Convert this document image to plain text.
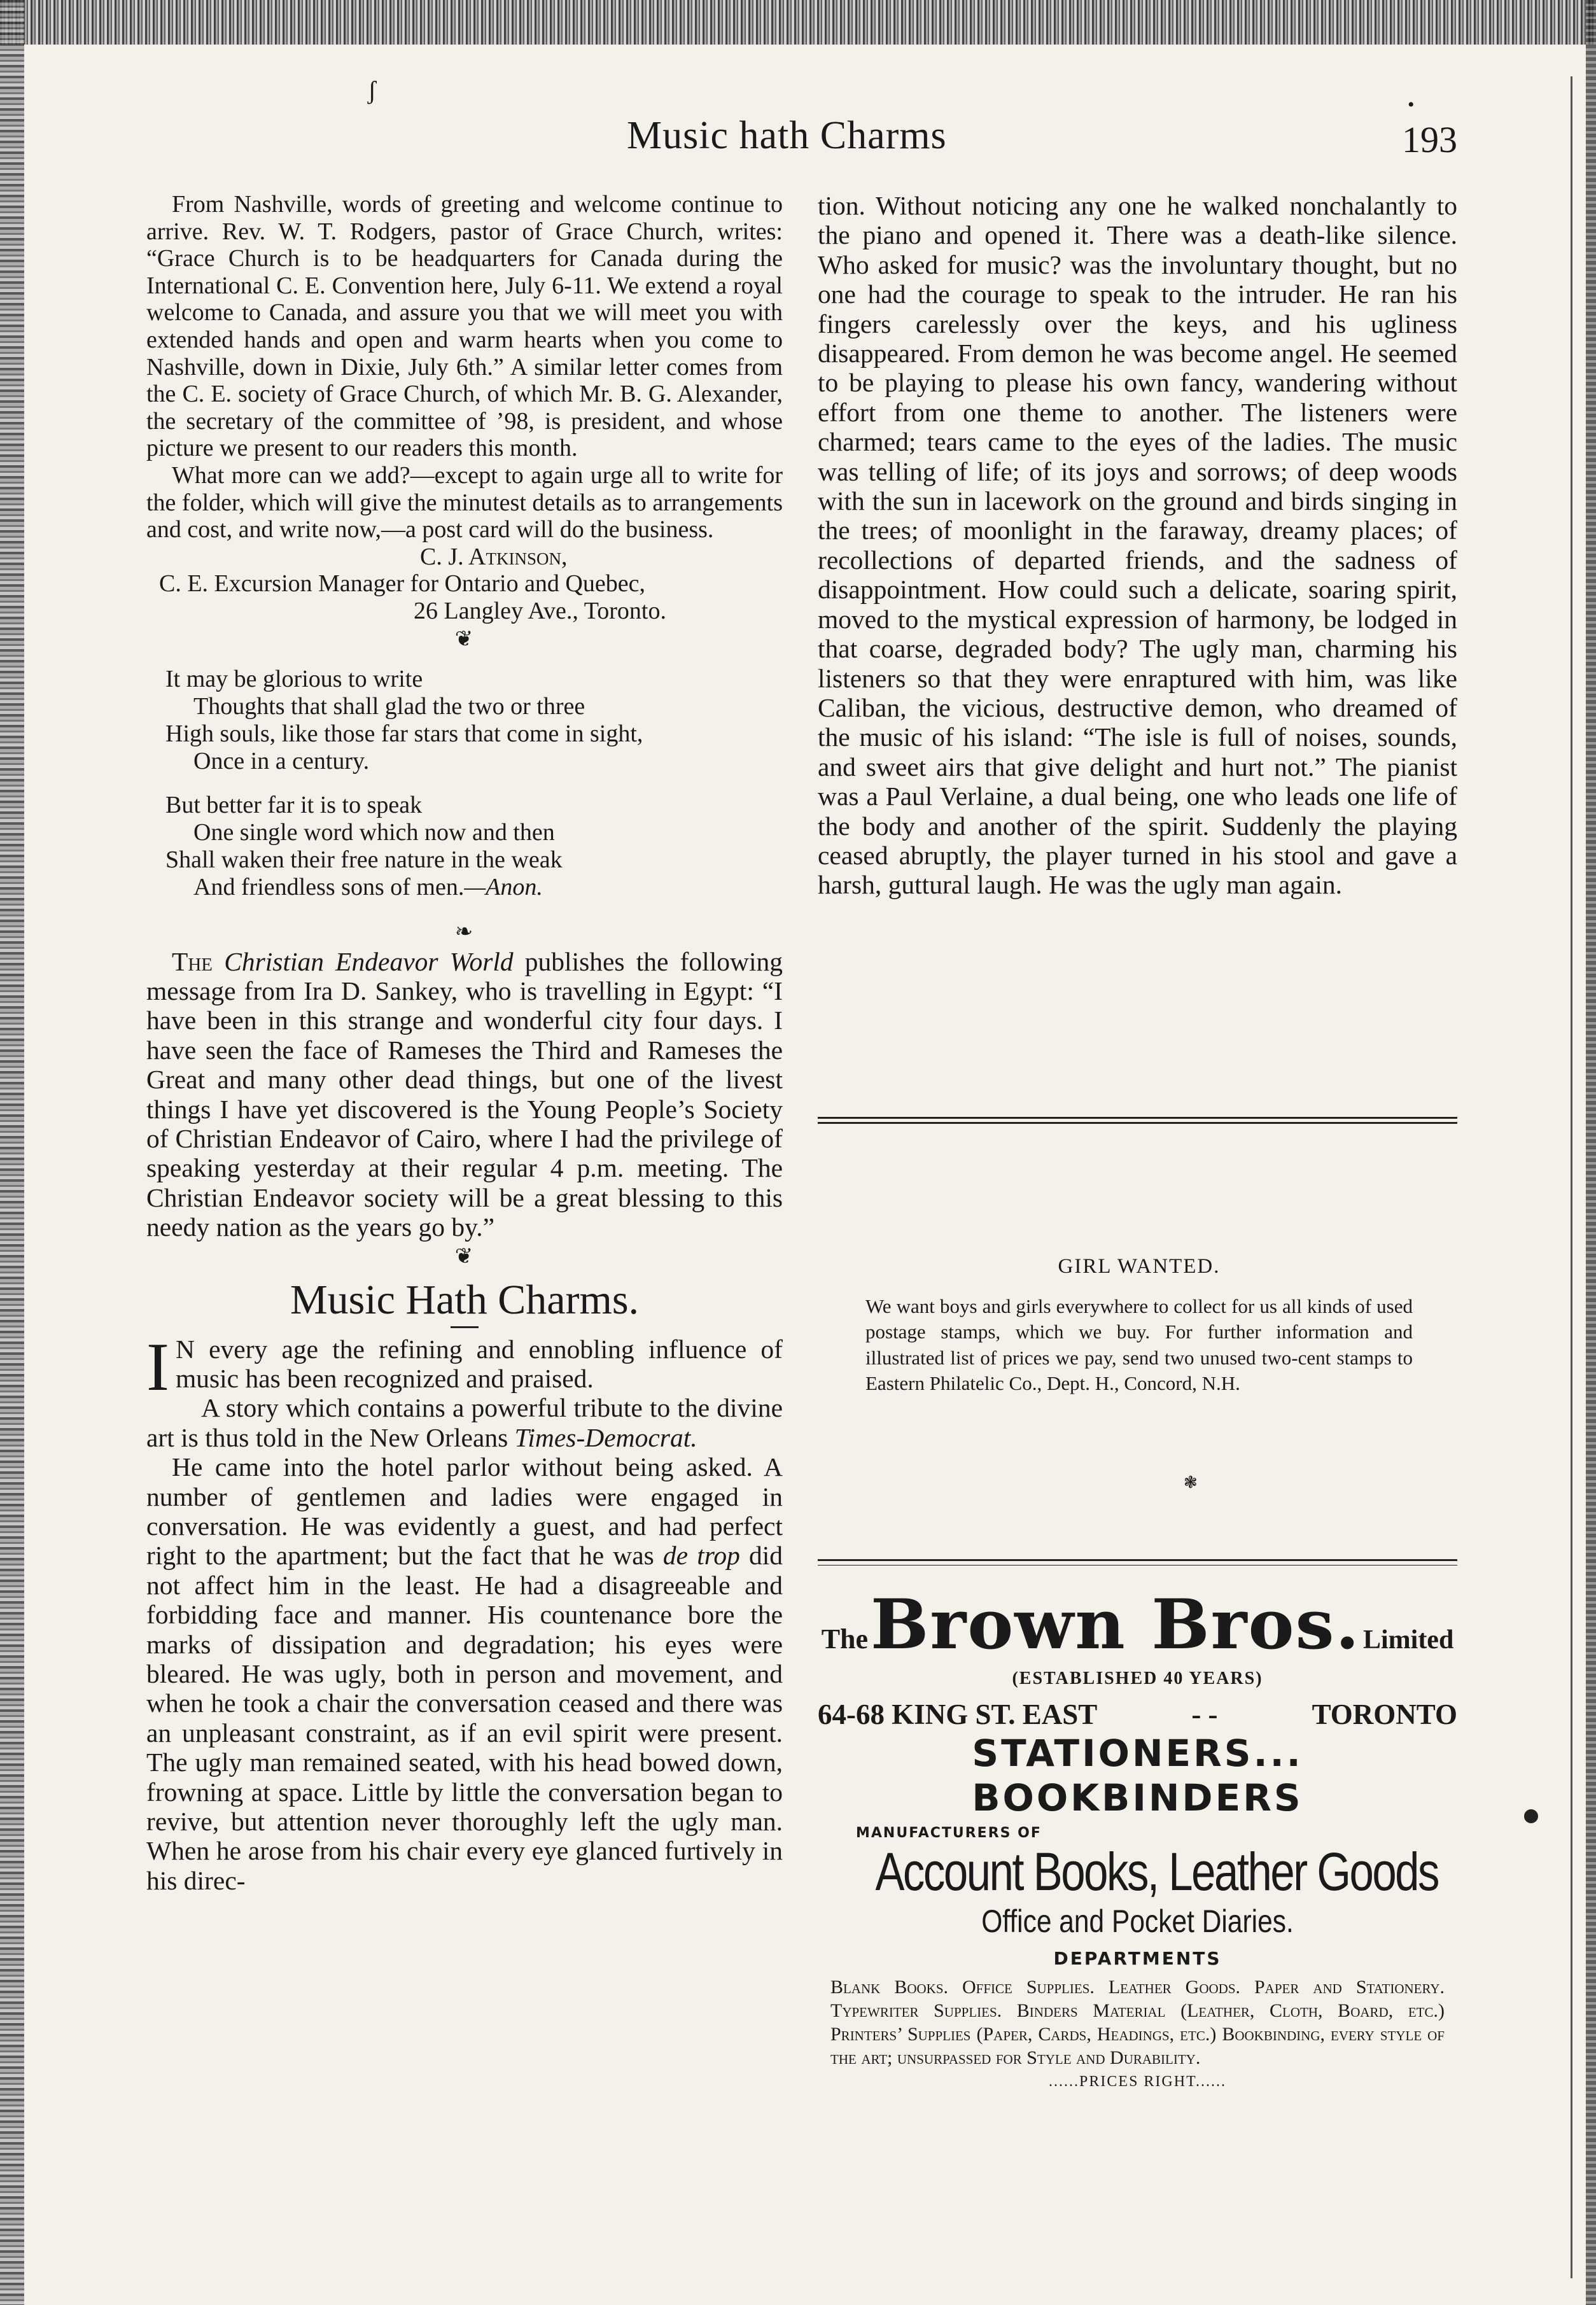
ʃ
•
Music hath Charms	193

From Nashville, words of greeting and welcome continue to arrive. Rev. W. T. Rodgers, pastor of Grace Church, writes: “Grace Church is to be headquarters for Canada during the International C. E. Convention here, July 6-11. We extend a royal welcome to Canada, and assure you that we will meet you with extended hands and open and warm hearts when you come to Nashville, down in Dixie, July 6th.” A similar letter comes from the C. E. society of Grace Church, of which Mr. B. G. Alexander, the secretary of the committee of ’98, is president, and whose picture we present to our readers this month.

What more can we add?—except to again urge all to write for the folder, which will give the minutest details as to arrangements and cost, and write now,—a post card will do the business.

C. J. Atkinson,
C. E. Excursion Manager for Ontario and Quebec,
26 Langley Ave., Toronto.
❦
It may be glorious to write
Thoughts that shall glad the two or three
High souls, like those far stars that come in sight,
Once in a century.
But better far it is to speak
One single word which now and then
Shall waken their free nature in the weak
And friendless sons of men.—Anon.
❧

The Christian Endeavor World publishes the following message from Ira D. Sankey, who is travelling in Egypt: “I have been in this strange and wonderful city four days. I have seen the face of Rameses the Third and Rameses the Great and many other dead things, but one of the livest things I have yet discovered is the Young People’s Society of Christian Endeavor of Cairo, where I had the privilege of speaking yesterday at their regular 4 p.m. meeting. The Christian Endeavor society will be a great blessing to this needy nation as the years go by.”

❦
Music Hath Charms.

I N every age the refining and ennobling influence of music has been recognized and praised.

A story which contains a powerful tribute to the divine art is thus told in the New Orleans Times-Democrat.

He came into the hotel parlor without being asked. A number of gentlemen and ladies were engaged in conversation. He was evidently a guest, and had perfect right to the apartment; but the fact that he was de trop did not affect him in the least. He had a disagreeable and forbidding face and manner. His countenance bore the marks of dissipation and degradation; his eyes were bleared. He was ugly, both in person and movement, and when he took a chair the conversation ceased and there was an unpleasant constraint, as if an evil spirit were present. The ugly man remained seated, with his head bowed down, frowning at space. Little by little the conversation began to revive, but attention never thoroughly left the ugly man. When he arose from his chair every eye glanced furtively in his direc-

tion. Without noticing any one he walked nonchalantly to the piano and opened it. There was a death-like silence. Who asked for music? was the involuntary thought, but no one had the courage to speak to the intruder. He ran his fingers carelessly over the keys, and his ugliness disappeared. From demon he was become angel. He seemed to be playing to please his own fancy, wandering without effort from one theme to another. The listeners were charmed; tears came to the eyes of the ladies. The music was telling of life; of its joys and sorrows; of deep woods with the sun in lacework on the ground and birds singing in the trees; of moonlight in the faraway, dreamy places; of recollections of departed friends, and the sadness of disappointment. How could such a delicate, soaring spirit, moved to the mystical expression of harmony, be lodged in that coarse, degraded body? The ugly man, charming his listeners so that they were enraptured with him, was like Caliban, the vicious, destructive demon, who dreamed of the music of his island: “The isle is full of noises, sounds, and sweet airs that give delight and hurt not.” The pianist was a Paul Verlaine, a dual being, one who leads one life of the body and another of the spirit. Suddenly the playing ceased abruptly, the player turned in his stool and gave a harsh, guttural laugh. He was the ugly man again.

GIRL WANTED.

We want boys and girls everywhere to collect for us all kinds of used postage stamps, which we buy. For further information and illustrated list of prices we pay, send two unused two-cent stamps to Eastern Philatelic Co., Dept. H., Concord, N.H.

❃
The Brown Bros. Limited
(ESTABLISHED 40 YEARS)
64-68 KING ST. EAST	- -	TORONTO
STATIONERS...
BOOKBINDERS
MANUFACTURERS OF
Account Books, Leather Goods
Office and Pocket Diaries.
DEPARTMENTS
Blank Books. Office Supplies. Leather Goods. Paper and Stationery. Typewriter Supplies. Binders Material (Leather, Cloth, Board, etc.) Printers’ Supplies (Paper, Cards, Headings, etc.) Bookbinding, every style of the art; unsurpassed for Style and Durability.
......PRICES RIGHT......
